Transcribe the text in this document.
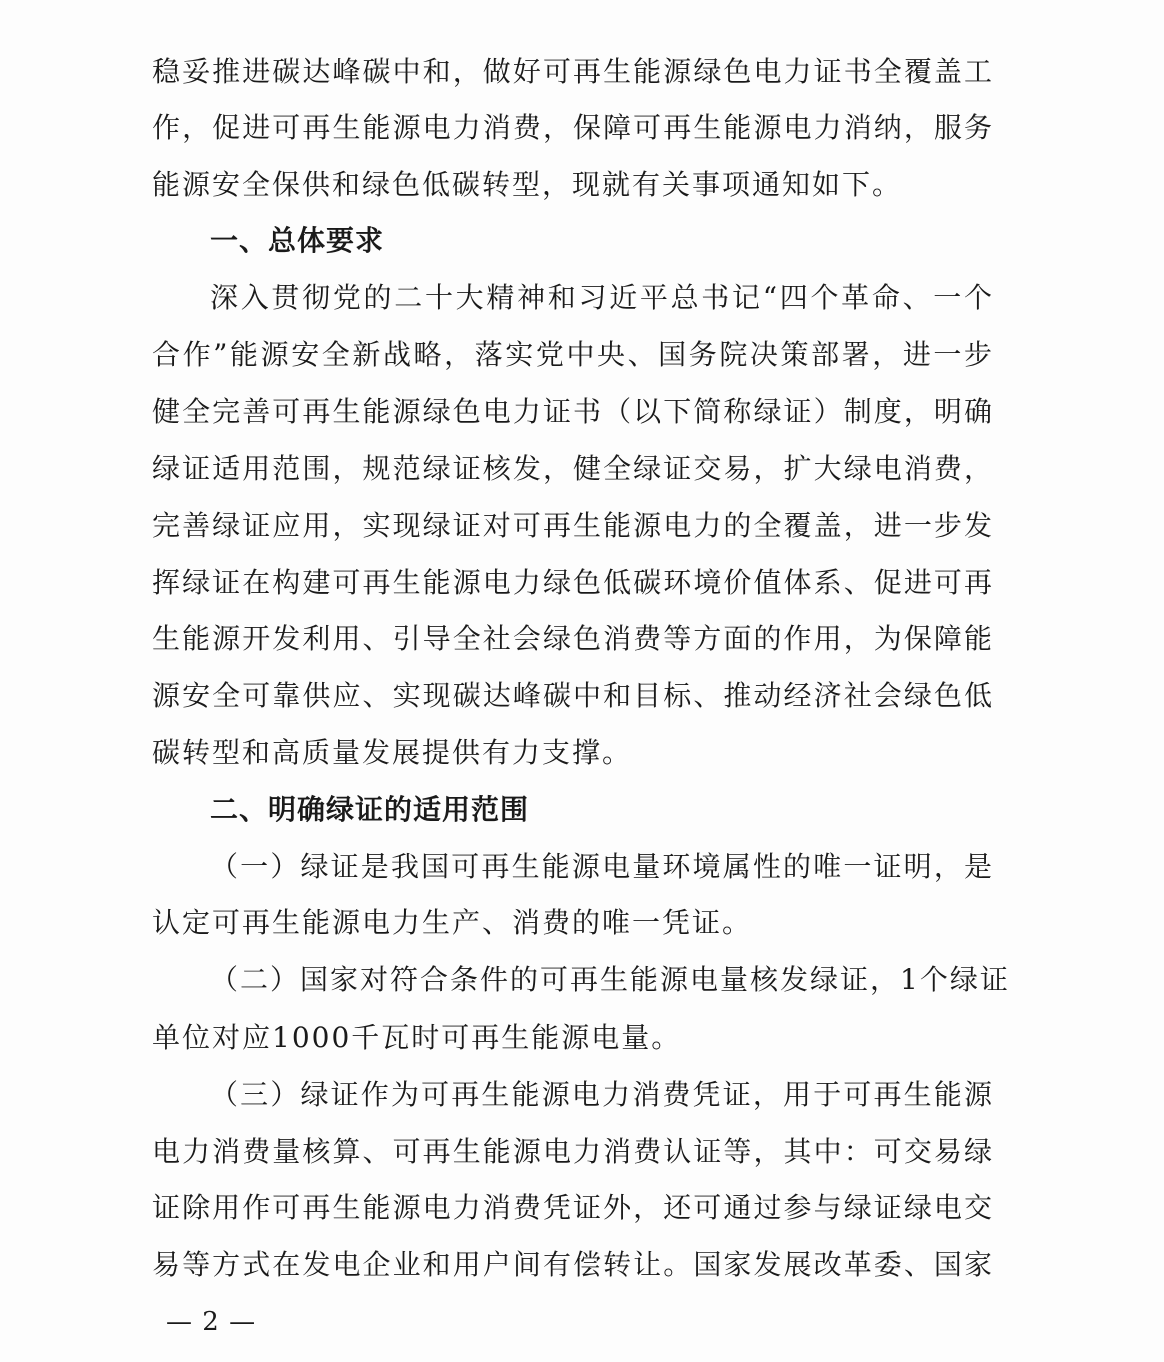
稳妥推进碳达峰碳中和，做好可再生能源绿色电力证书全覆盖工
作，促进可再生能源电力消费，保障可再生能源电力消纳，服务
能源安全保供和绿色低碳转型，现就有关事项通知如下。
一、总体要求
深入贯彻党的二十大精神和习近平总书记“四个革命、一个
合作”能源安全新战略，落实党中央、国务院决策部署，进一步
健全完善可再生能源绿色电力证书（以下简称绿证）制度，明确
绿证适用范围，规范绿证核发，健全绿证交易，扩大绿电消费，
完善绿证应用，实现绿证对可再生能源电力的全覆盖，进一步发
挥绿证在构建可再生能源电力绿色低碳环境价值体系、促进可再
生能源开发利用、引导全社会绿色消费等方面的作用，为保障能
源安全可靠供应、实现碳达峰碳中和目标、推动经济社会绿色低
碳转型和高质量发展提供有力支撑。
二、明确绿证的适用范围
（一）绿证是我国可再生能源电量环境属性的唯一证明，是
认定可再生能源电力生产、消费的唯一凭证。
（二）国家对符合条件的可再生能源电量核发绿证，1个绿证
单位对应1000千瓦时可再生能源电量。
（三）绿证作为可再生能源电力消费凭证，用于可再生能源
电力消费量核算、可再生能源电力消费认证等，其中：可交易绿
证除用作可再生能源电力消费凭证外，还可通过参与绿证绿电交
易等方式在发电企业和用户间有偿转让。国家发展改革委、国家
— 2 —
